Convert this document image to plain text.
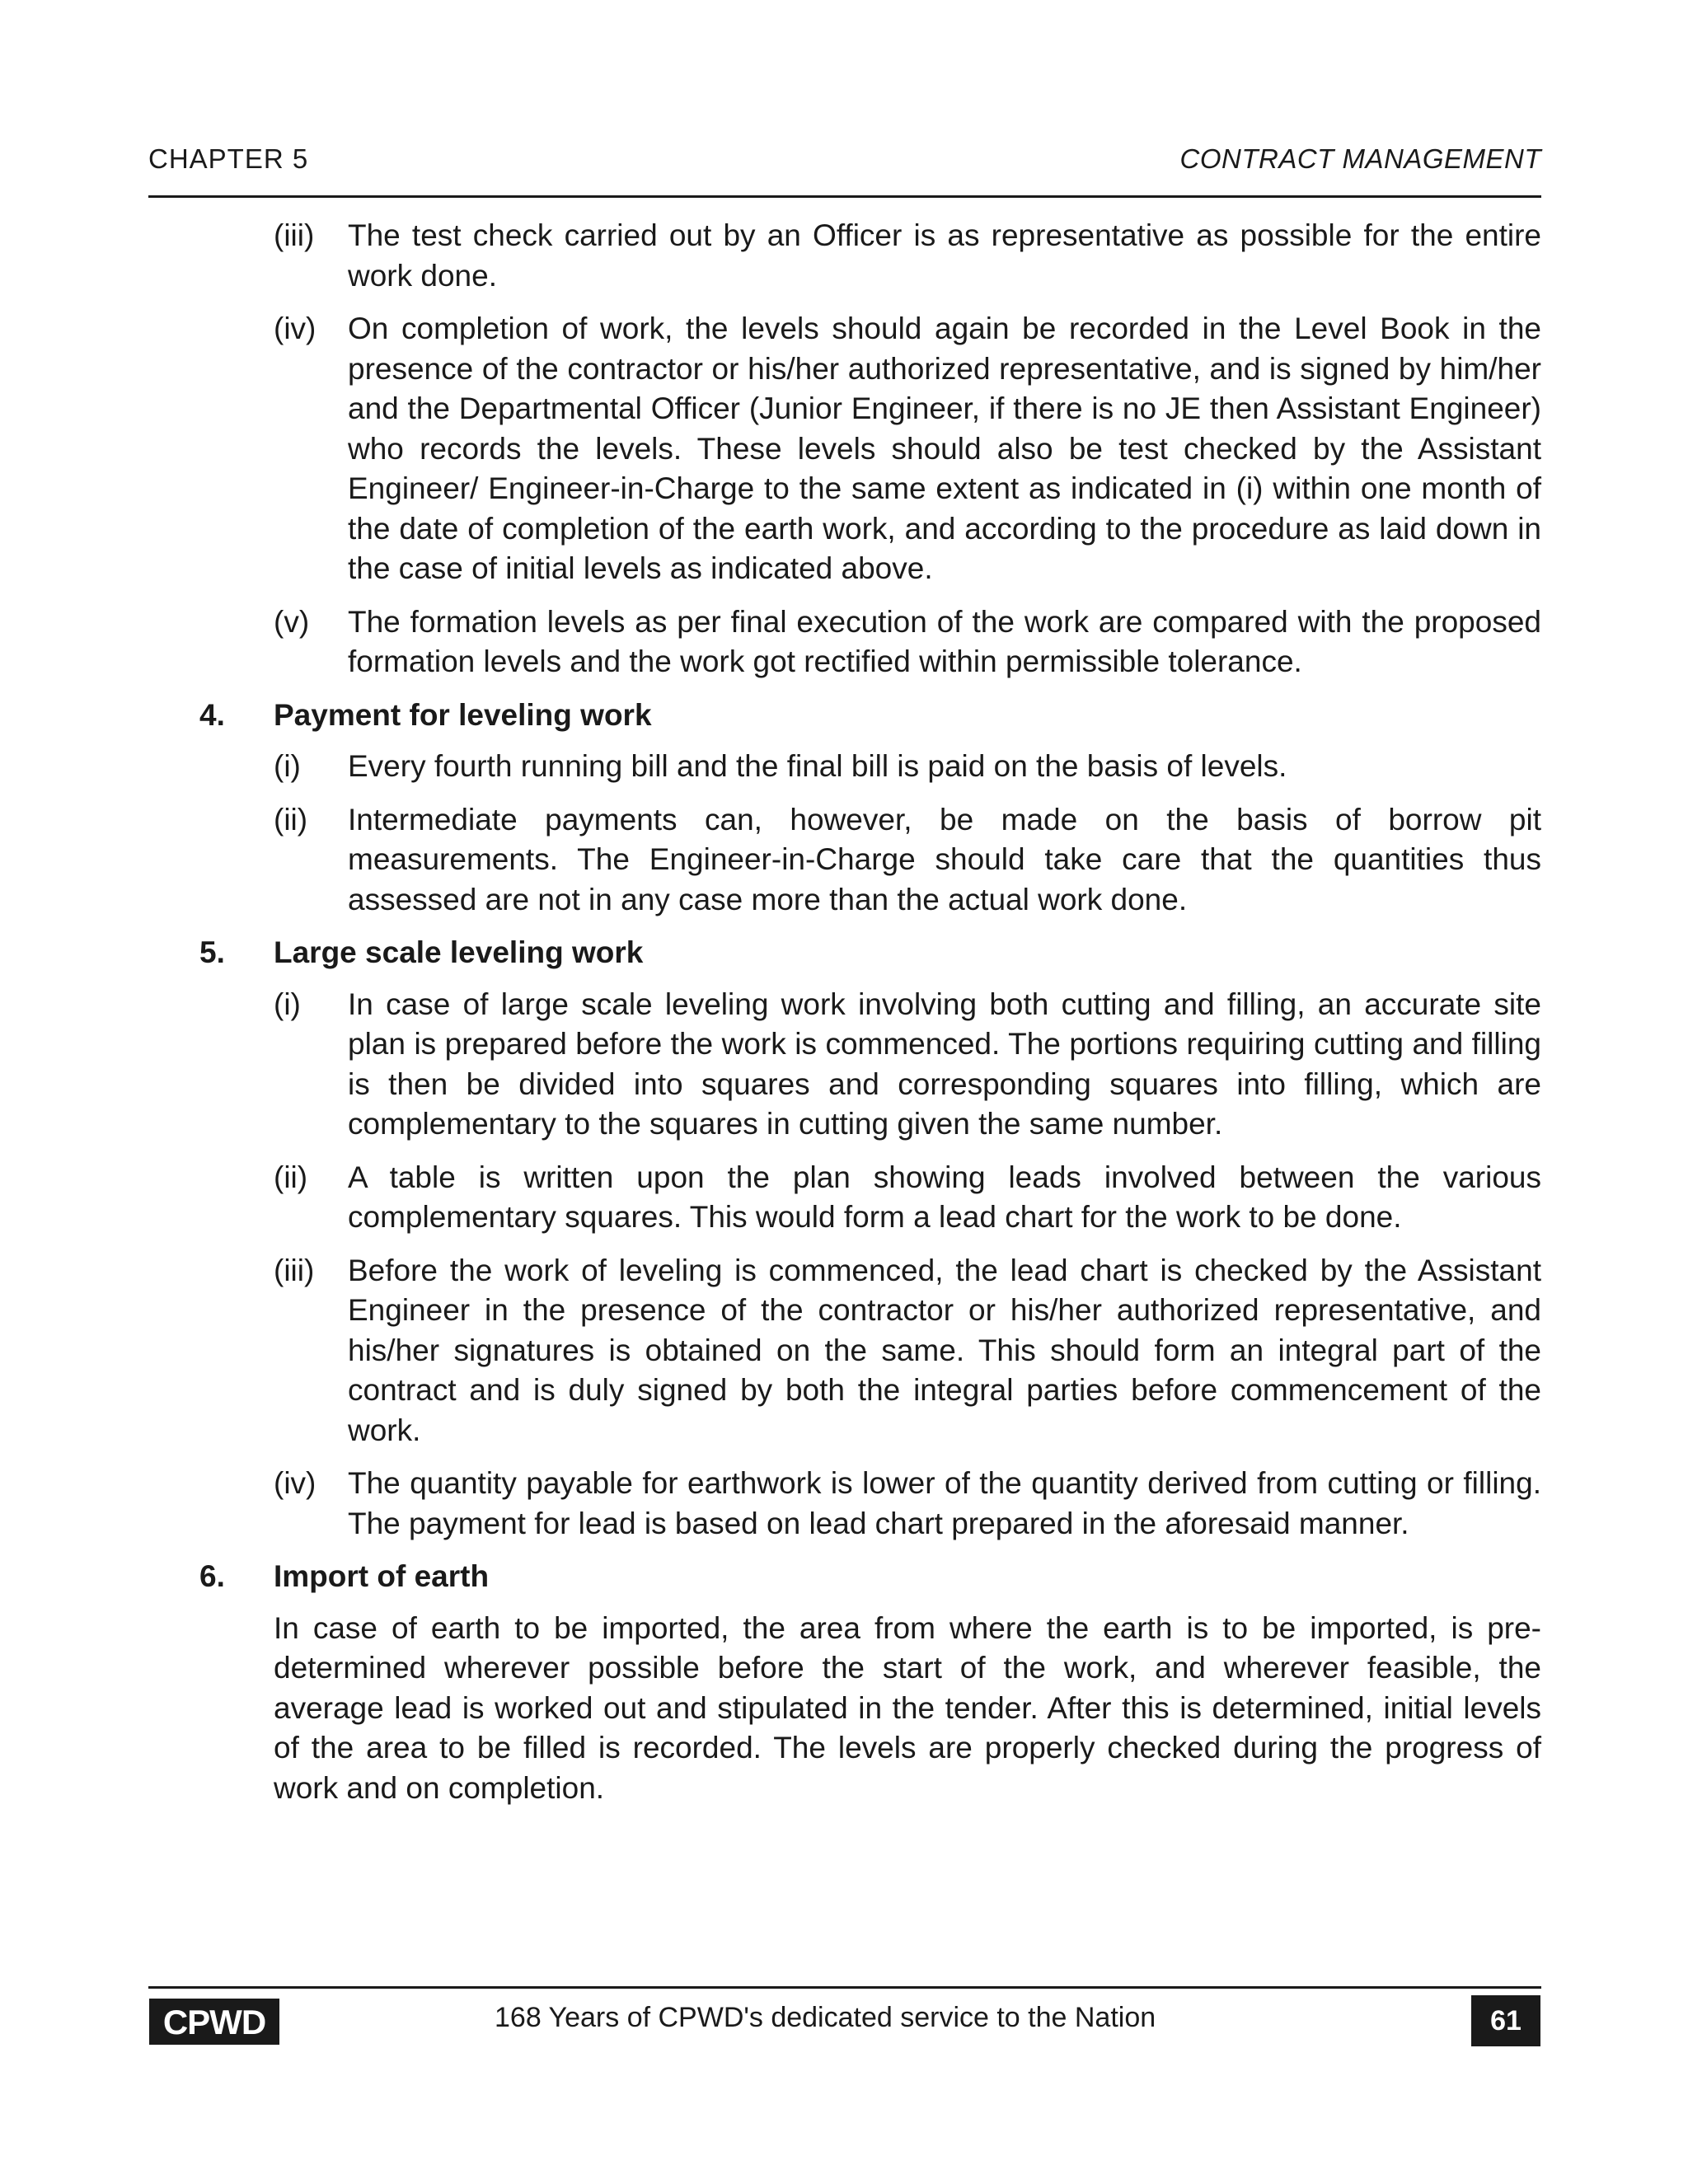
CHAPTER 5	CONTRACT MANAGEMENT
(iii) The test check carried out by an Officer is as representative as possible for the entire work done.
(iv) On completion of work, the levels should again be recorded in the Level Book in the presence of the contractor or his/her authorized representative, and is signed by him/her and the Departmental Officer (Junior Engineer, if there is no JE then Assistant Engineer) who records the levels. These levels should also be test checked by the Assistant Engineer/ Engineer-in-Charge to the same extent as indicated in (i) within one month of the date of completion of the earth work, and according to the procedure as laid down in the case of initial levels as indicated above.
(v) The formation levels as per final execution of the work are compared with the proposed formation levels and the work got rectified within permissible tolerance.
4. Payment for leveling work
(i) Every fourth running bill and the final bill is paid on the basis of levels.
(ii) Intermediate payments can, however, be made on the basis of borrow pit measurements. The Engineer-in-Charge should take care that the quantities thus assessed are not in any case more than the actual work done.
5. Large scale leveling work
(i) In case of large scale leveling work involving both cutting and filling, an accurate site plan is prepared before the work is commenced. The portions requiring cutting and filling is then be divided into squares and corresponding squares into filling, which are complementary to the squares in cutting given the same number.
(ii) A table is written upon the plan showing leads involved between the various complementary squares. This would form a lead chart for the work to be done.
(iii) Before the work of leveling is commenced, the lead chart is checked by the Assistant Engineer in the presence of the contractor or his/her authorized representative, and his/her signatures is obtained on the same. This should form an integral part of the contract and is duly signed by both the integral parties before commencement of the work.
(iv) The quantity payable for earthwork is lower of the quantity derived from cutting or filling. The payment for lead is based on lead chart prepared in the aforesaid manner.
6. Import of earth
In case of earth to be imported, the area from where the earth is to be imported, is pre-determined wherever possible before the start of the work, and wherever feasible, the average lead is worked out and stipulated in the tender. After this is determined, initial levels of the area to be filled is recorded. The levels are properly checked during the progress of work and on completion.
CPWD	168 Years of CPWD's dedicated service to the Nation	61
